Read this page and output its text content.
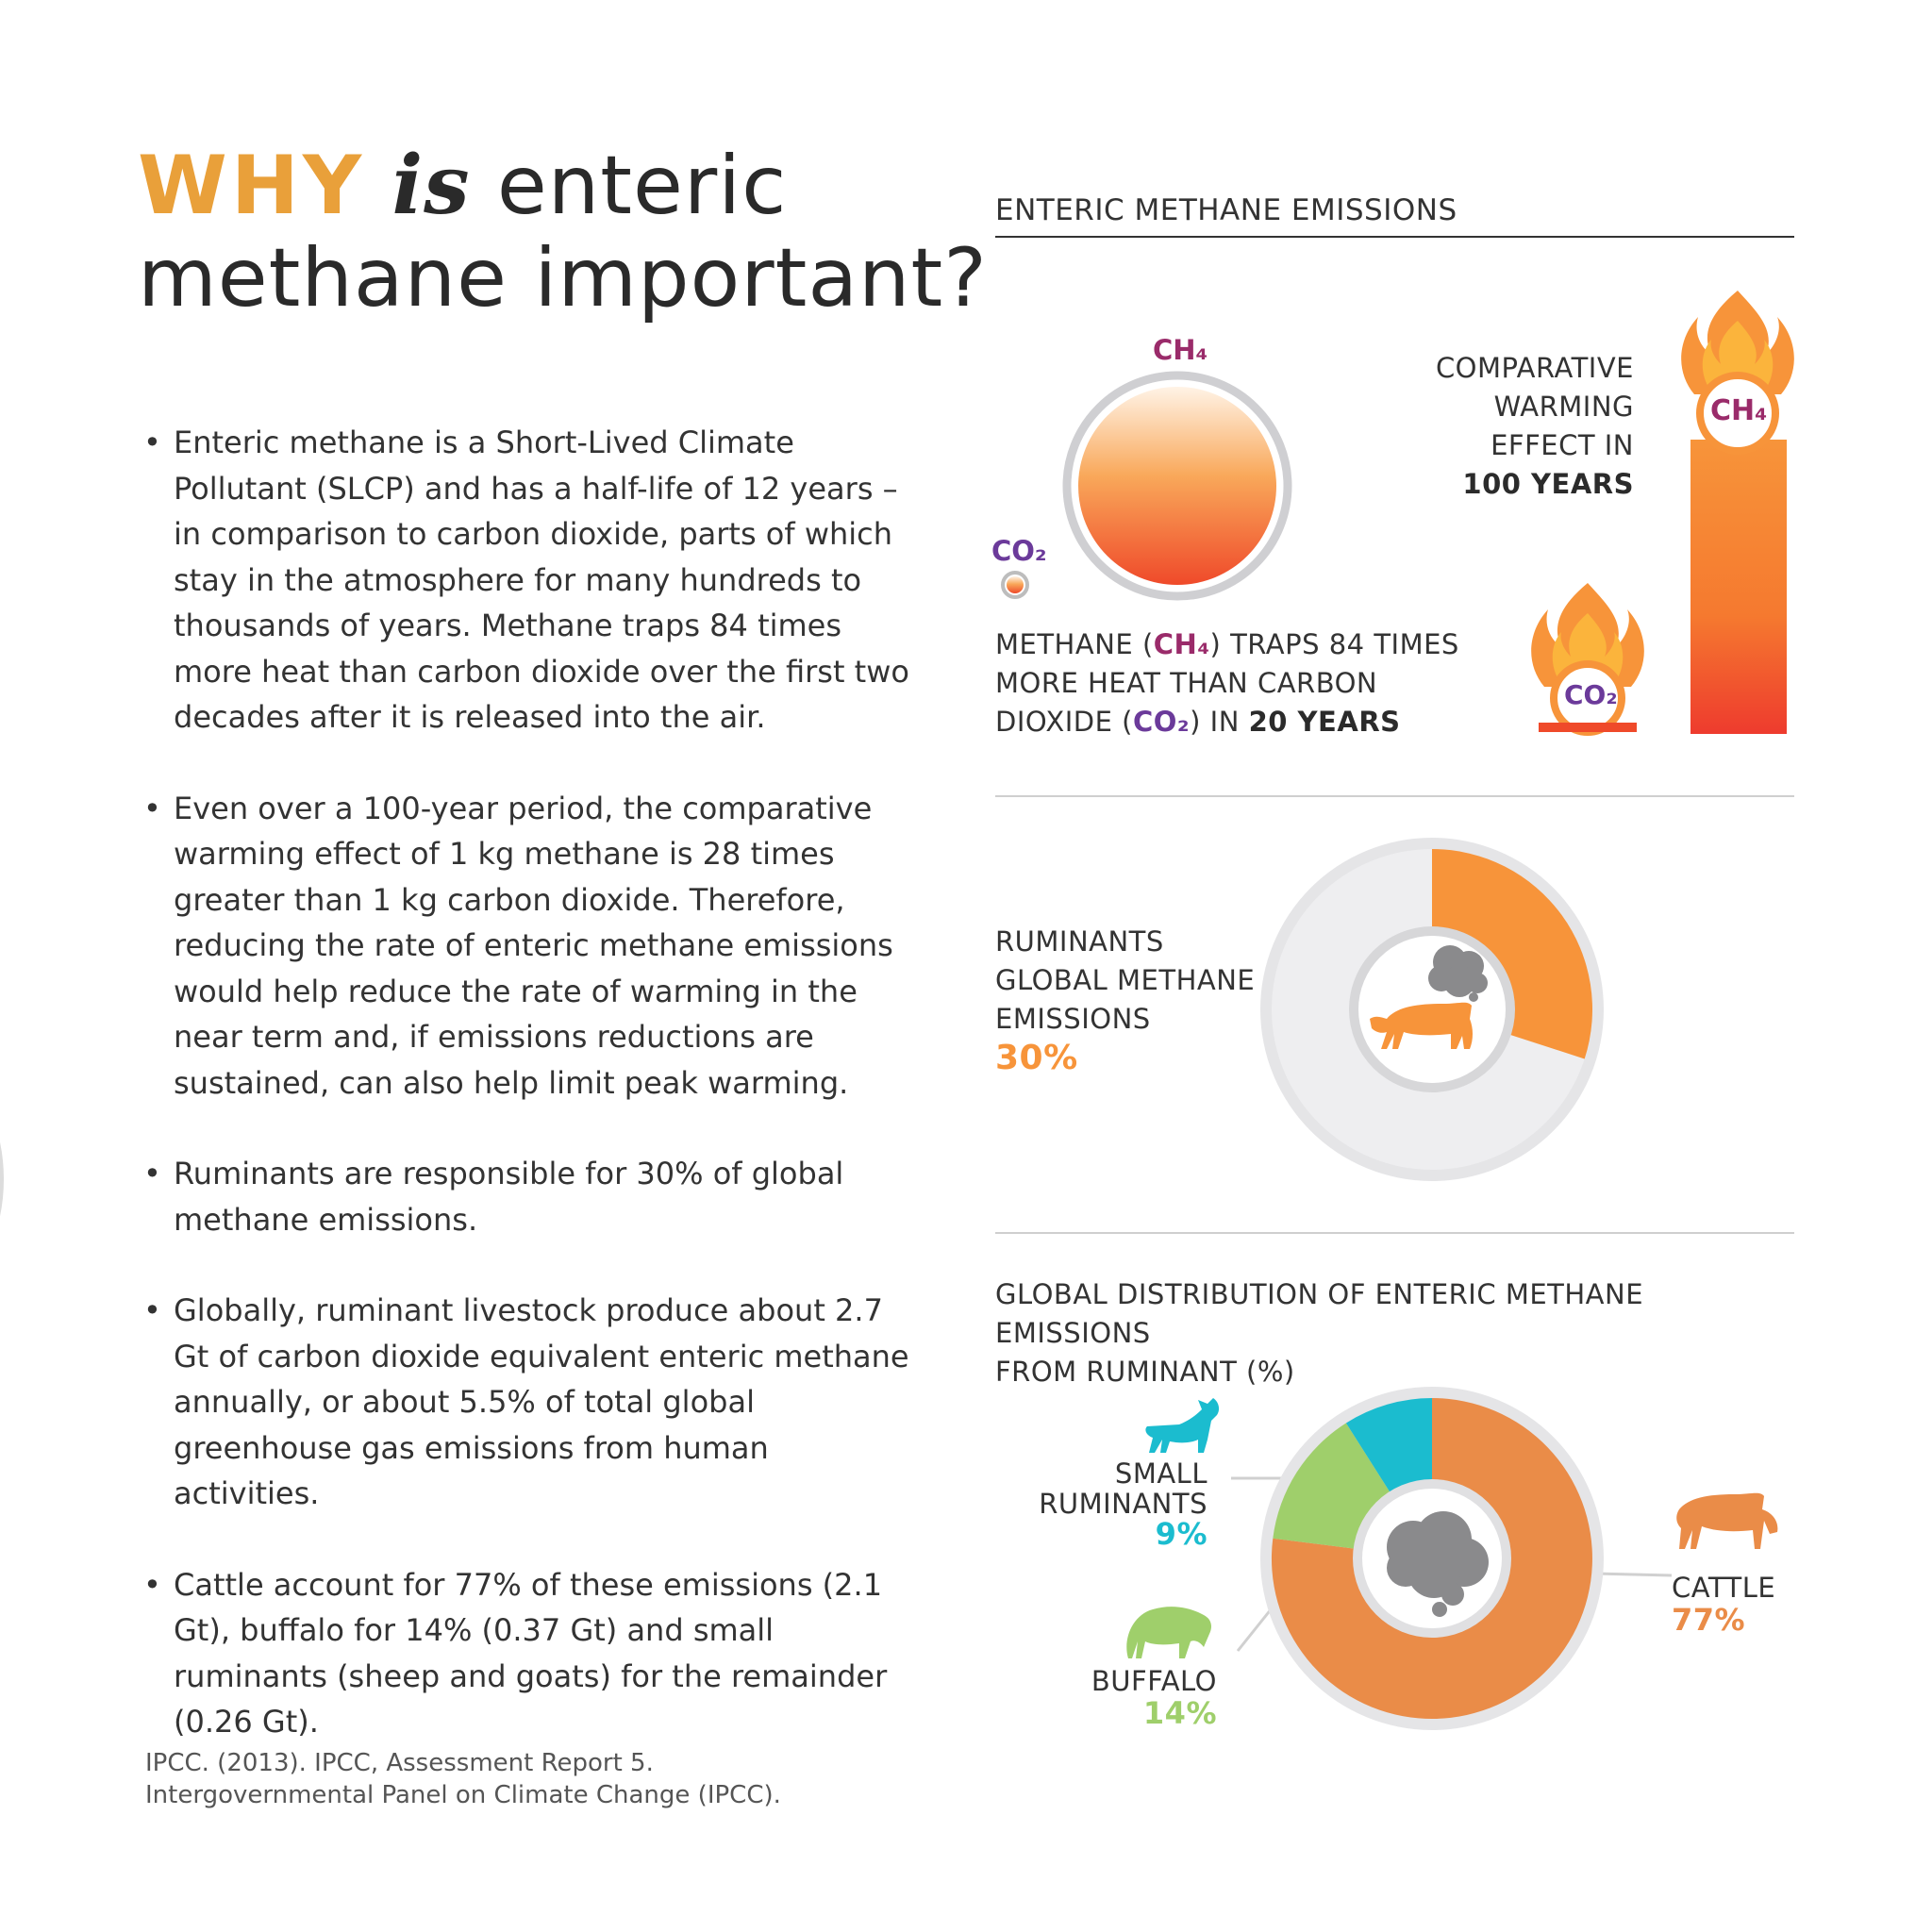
WHY is enteric
methane important?
• Enteric methane is a Short-Lived Climate Pollutant (SLCP) and has a half-life of 12 years – in comparison to carbon dioxide, parts of which stay in the atmosphere for many hundreds to thousands of years. Methane traps 84 times more heat than carbon dioxide over the first two decades after it is released into the air.
• Even over a 100-year period, the comparative warming effect of 1 kg methane is 28 times greater than 1 kg carbon dioxide. Therefore, reducing the rate of enteric methane emissions would help reduce the rate of warming in the near term and, if emissions reductions are sustained, can also help limit peak warming.
• Ruminants are responsible for 30% of global methane emissions.
• Globally, ruminant livestock produce about 2.7 Gt of carbon dioxide equivalent enteric methane annually, or about 5.5% of total global greenhouse gas emissions from human activities.
• Cattle account for 77% of these emissions (2.1 Gt), buffalo for 14% (0.37 Gt) and small ruminants (sheep and goats) for the remainder (0.26 Gt).

IPCC. (2013). IPCC, Assessment Report 5. Intergovernmental Panel on Climate Change (IPCC).

ENTERIC METHANE EMISSIONS
CH₄
CO₂
CH₄
CO₂
METHANE (CH₄) TRAPS 84 TIMES
MORE HEAT THAN CARBON
DIOXIDE (CO₂) IN 20 YEARS
COMPARATIVE
WARMING
EFFECT IN
100 YEARS
RUMINANTS
GLOBAL METHANE
EMISSIONS
30%
GLOBAL DISTRIBUTION OF ENTERIC METHANE EMISSIONS
FROM RUMINANT (%)
SMALL
RUMINANTS
9%
BUFFALO
14%
CATTLE
77%
